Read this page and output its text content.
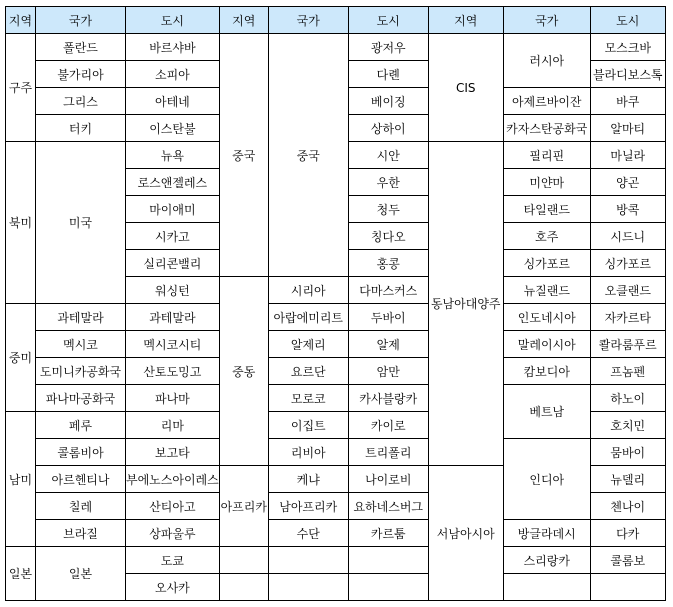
지역	국가	도시	지역	국가	도시	지역	국가	도시
구주	폴란드	바르샤바	중국	중국	광저우	CIS	러시아	모스크바
	불가리아	소피아			다롄			블라디보스톡
	그리스	아테네			베이징		아제르바이잔	바쿠
	터키	이스탄불			상하이		카자스탄공화국	알마티
북미	미국	뉴욕			시안	동남아대양주	필리핀	마닐라
		로스앤젤레스			우한		미얀마	양곤
		마이애미			청두		타일랜드	방콕
		시카고			칭다오		호주	시드니
		실리콘밸리			홍콩		싱가포르	싱가포르
		워싱턴	중동	시리아	다마스커스		뉴질랜드	오클랜드
중미	과테말라	과테말라		아랍에미리트	두바이		인도네시아	자카르타
	멕시코	멕시코시티		알제리	알제		말레이시아	콸라룸푸르
	도미니카공화국	산토도밍고		요르단	암만		캄보디아	프놈펜
	파나마공화국	파나마		모로코	카사블랑카		베트남	하노이
남미	페루	리마		이집트	카이로			호치민
	콜롬비아	보고타		리비아	트리폴리		인디아	뭄바이
	아르헨티나	부에노스아이레스	아프리카	케냐	나이로비	서남아시아		뉴델리
	칠레	산티아고		남아프리카	요하네스버그			첸나이
	브라질	상파울루		수단	카르툼		방글라데시	다카
일본	일본	도쿄					스리랑카	콜롬보
		오사카						
